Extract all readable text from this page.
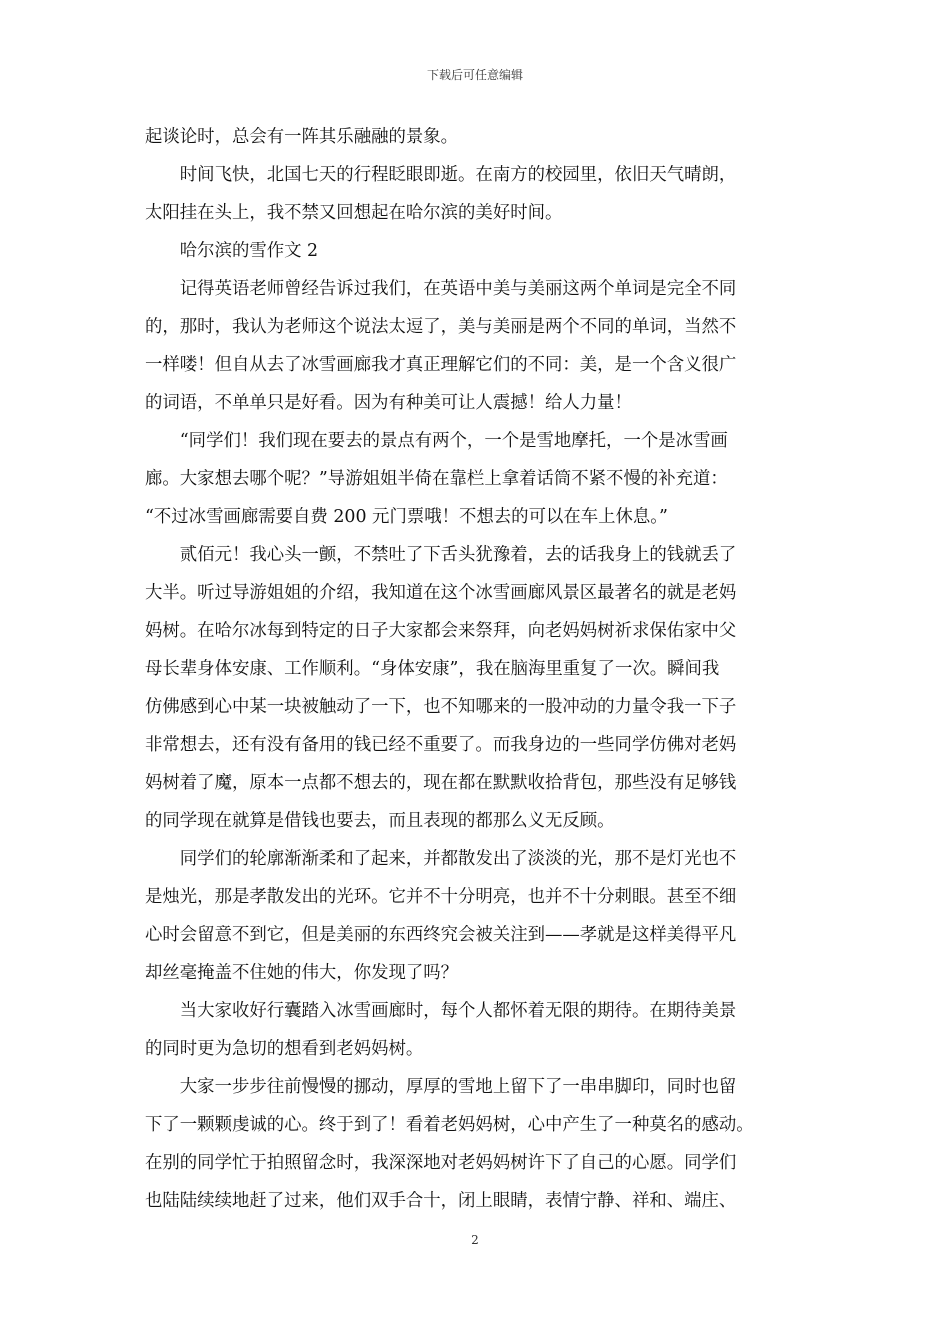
下载后可任意编辑
起谈论时，总会有一阵其乐融融的景象。
　　时间飞快，北国七天的行程眨眼即逝。在南方的校园里，依旧天气晴朗，
太阳挂在头上，我不禁又回想起在哈尔滨的美好时间。
　　哈尔滨的雪作文 2
　　记得英语老师曾经告诉过我们，在英语中美与美丽这两个单词是完全不同
的，那时，我认为老师这个说法太逗了，美与美丽是两个不同的单词，当然不
一样喽！但自从去了冰雪画廊我才真正理解它们的不同：美，是一个含义很广
的词语，不单单只是好看。因为有种美可让人震撼！给人力量！
　　“同学们！我们现在要去的景点有两个，一个是雪地摩托，一个是冰雪画
廊。大家想去哪个呢？”导游姐姐半倚在靠栏上拿着话筒不紧不慢的补充道：
“不过冰雪画廊需要自费 200 元门票哦！不想去的可以在车上休息。”
　　贰佰元！我心头一颤，不禁吐了下舌头犹豫着，去的话我身上的钱就丢了
大半。听过导游姐姐的介绍，我知道在这个冰雪画廊风景区最著名的就是老妈
妈树。在哈尔冰每到特定的日子大家都会来祭拜，向老妈妈树祈求保佑家中父
母长辈身体安康、工作顺利。“身体安康”，我在脑海里重复了一次。瞬间我
仿佛感到心中某一块被触动了一下，也不知哪来的一股冲动的力量令我一下子
非常想去，还有没有备用的钱已经不重要了。而我身边的一些同学仿佛对老妈
妈树着了魔，原本一点都不想去的，现在都在默默收拾背包，那些没有足够钱
的同学现在就算是借钱也要去，而且表现的都那么义无反顾。
　　同学们的轮廓渐渐柔和了起来，并都散发出了淡淡的光，那不是灯光也不
是烛光，那是孝散发出的光环。它并不十分明亮，也并不十分刺眼。甚至不细
心时会留意不到它，但是美丽的东西终究会被关注到——孝就是这样美得平凡
却丝毫掩盖不住她的伟大，你发现了吗？
　　当大家收好行囊踏入冰雪画廊时，每个人都怀着无限的期待。在期待美景
的同时更为急切的想看到老妈妈树。
　　大家一步步往前慢慢的挪动，厚厚的雪地上留下了一串串脚印，同时也留
下了一颗颗虔诚的心。终于到了！看着老妈妈树，心中产生了一种莫名的感动。
在别的同学忙于拍照留念时，我深深地对老妈妈树许下了自己的心愿。同学们
也陆陆续续地赶了过来，他们双手合十，闭上眼睛，表情宁静、祥和、端庄、
2
